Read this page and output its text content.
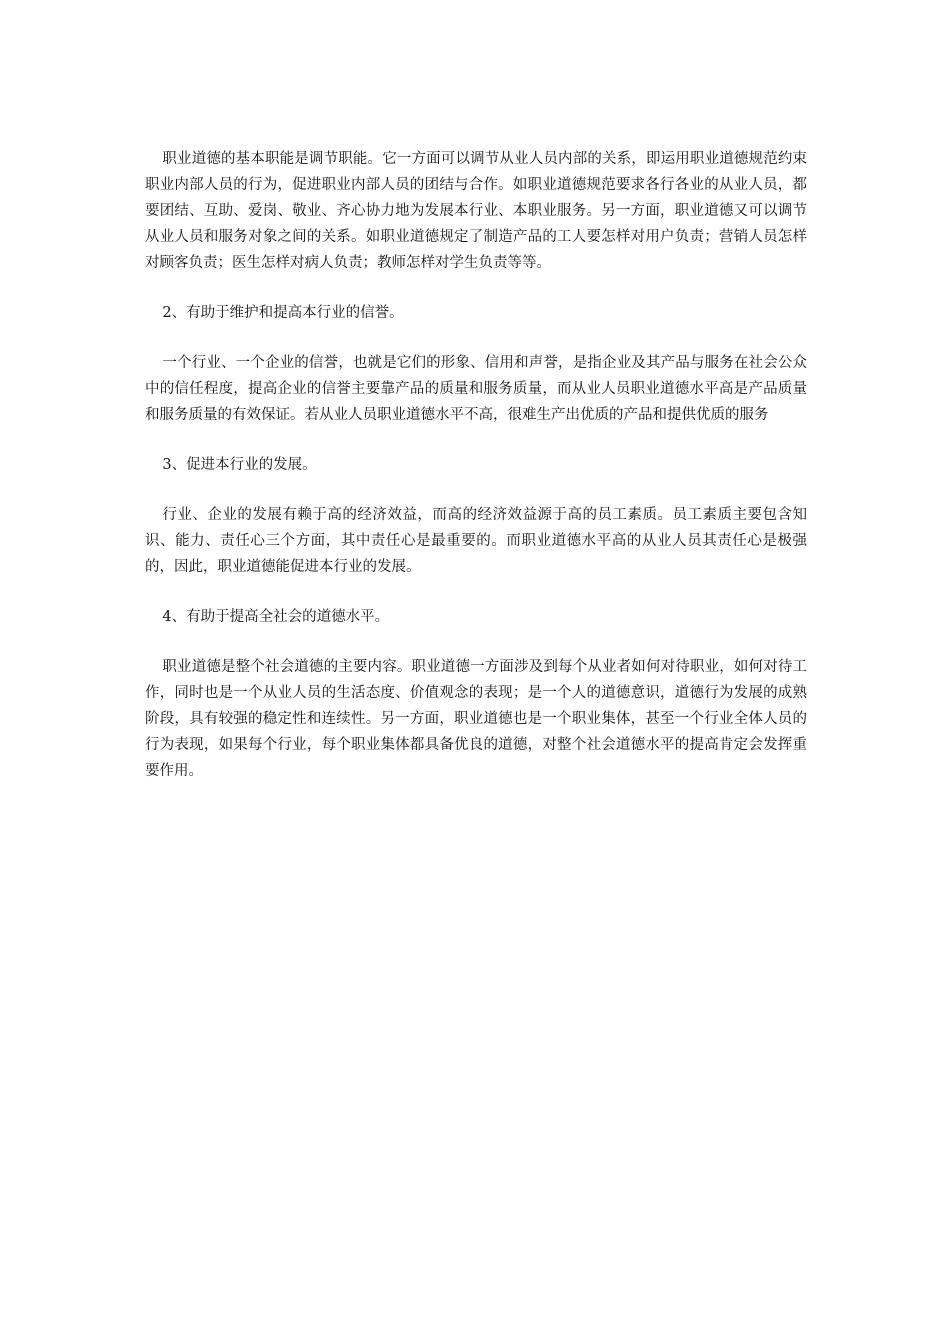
职业道德的基本职能是调节职能。它一方面可以调节从业人员内部的关系，即运用职业道德规范约束职业内部人员的行为，促进职业内部人员的团结与合作。如职业道德规范要求各行各业的从业人员，都要团结、互助、爱岗、敬业、齐心协力地为发展本行业、本职业服务。另一方面，职业道德又可以调节从业人员和服务对象之间的关系。如职业道德规定了制造产品的工人要怎样对用户负责；营销人员怎样对顾客负责；医生怎样对病人负责；教师怎样对学生负责等等。

2、有助于维护和提高本行业的信誉。

一个行业、一个企业的信誉，也就是它们的形象、信用和声誉，是指企业及其产品与服务在社会公众中的信任程度，提高企业的信誉主要靠产品的质量和服务质量，而从业人员职业道德水平高是产品质量和服务质量的有效保证。若从业人员职业道德水平不高，很难生产出优质的产品和提供优质的服务

3、促进本行业的发展。

行业、企业的发展有赖于高的经济效益，而高的经济效益源于高的员工素质。员工素质主要包含知识、能力、责任心三个方面，其中责任心是最重要的。而职业道德水平高的从业人员其责任心是极强的，因此，职业道德能促进本行业的发展。

4、有助于提高全社会的道德水平。

职业道德是整个社会道德的主要内容。职业道德一方面涉及到每个从业者如何对待职业，如何对待工作，同时也是一个从业人员的生活态度、价值观念的表现；是一个人的道德意识，道德行为发展的成熟阶段，具有较强的稳定性和连续性。另一方面，职业道德也是一个职业集体，甚至一个行业全体人员的行为表现，如果每个行业，每个职业集体都具备优良的道德，对整个社会道德水平的提高肯定会发挥重要作用。
